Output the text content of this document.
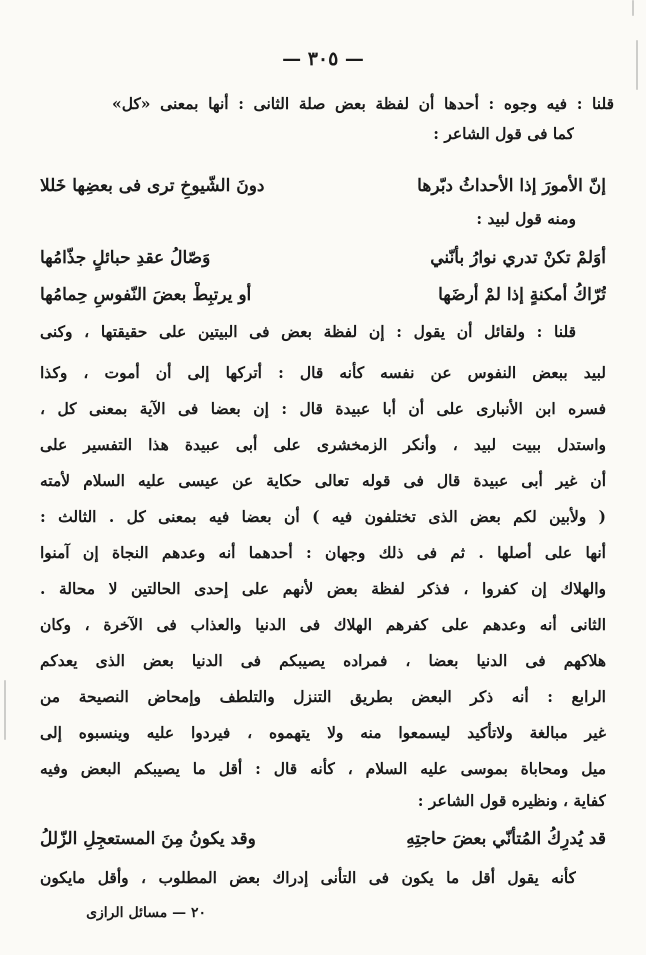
— ٣٠٥ —
قلنا : فيه وجوه : أحدها أن لفظة بعض صلة الثانى : أنها بمعنى «كل»
كما فى قول الشاعر :
إنّ الأمورَ إذا الأحداثُ دبّرها
دونَ الشّيوخِ ترى فى بعضِها خَللا
ومنه قول لبيد :
أوَلمْ تكنْ تدري نوارُ بأنّني
وَصّالُ عقدِ حبائلٍ جذّامُها
تُرّاكُ أمكنةٍ إذا لمْ أرضَها
أو يرتبِطْ بعضَ النّفوسِ حِمامُها
قلنا : ولقائل أن يقول : إن لفظة بعض فى البيتين على حقيقتها ، وكنى
لبيد ببعض النفوس عن نفسه كأنه قال : أتركها إلى أن أموت ، وكذا
فسره ابن الأنبارى على أن أبا عبيدة قال : إن بعضا فى الآية بمعنى كل ،
واستدل ببيت لبيد ، وأنكر الزمخشرى على أبى عبيدة هذا التفسير على
أن غير أبى عبيدة قال فى قوله تعالى حكاية عن عيسى عليه السلام لأمته
( ولأبين لكم بعض الذى تختلفون فيه ) أن بعضا فيه بمعنى كل . الثالث :
أنها على أصلها . ثم فى ذلك وجهان : أحدهما أنه وعدهم النجاة إن آمنوا
والهلاك إن كفروا ، فذكر لفظة بعض لأنهم على إحدى الحالتين لا محالة .
الثانى أنه وعدهم على كفرهم الهلاك فى الدنيا والعذاب فى الآخرة ، وكان
هلاكهم فى الدنيا بعضا ، فمراده يصيبكم فى الدنيا بعض الذى يعدكم
الرابع : أنه ذكر البعض بطريق التنزل والتلطف وإمحاض النصيحة من
غير مبالغة ولاتأكيد ليسمعوا منه ولا يتهموه ، فيردوا عليه وينسبوه إلى
ميل ومحاباة بموسى عليه السلام ، كأنه قال : أقل ما يصيبكم البعض وفيه
كفاية ، ونظيره قول الشاعر :
قد يُدرِكُ المُتأنّي بعضَ حاجتِهِ
وقد يكونُ مِنَ المستعجِلِ الزّللُ
كأنه يقول أقل ما يكون فى التأنى إدراك بعض المطلوب ، وأقل مايكون
٢٠ — مسائل الرازى
